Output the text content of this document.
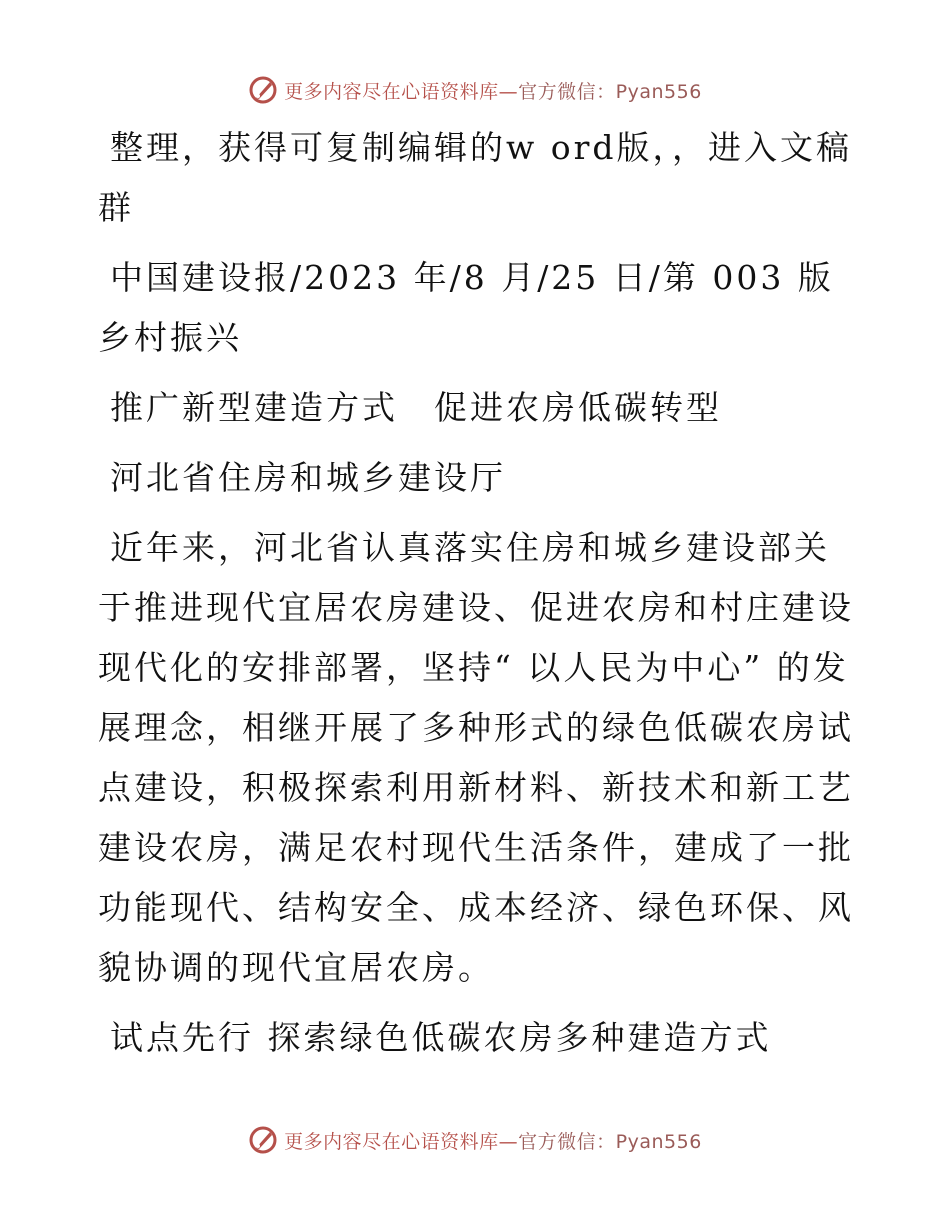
更多内容尽在心语资料库—官方微信：Pyan556

整理，获得可复制编辑的w ord版，，进入文稿群

中国建设报/2023 年/8 月/25 日/第 003 版乡村振兴

推广新型建造方式　促进农房低碳转型

河北省住房和城乡建设厅

近年来，河北省认真落实住房和城乡建设部关于推进现代宜居农房建设、促进农房和村庄建设现代化的安排部署，坚持“ 以人民为中心” 的发展理念，相继开展了多种形式的绿色低碳农房试点建设，积极探索利用新材料、新技术和新工艺建设农房，满足农村现代生活条件，建成了一批功能现代、结构安全、成本经济、绿色环保、风貌协调的现代宜居农房。

试点先行 探索绿色低碳农房多种建造方式

更多内容尽在心语资料库—官方微信：Pyan556
